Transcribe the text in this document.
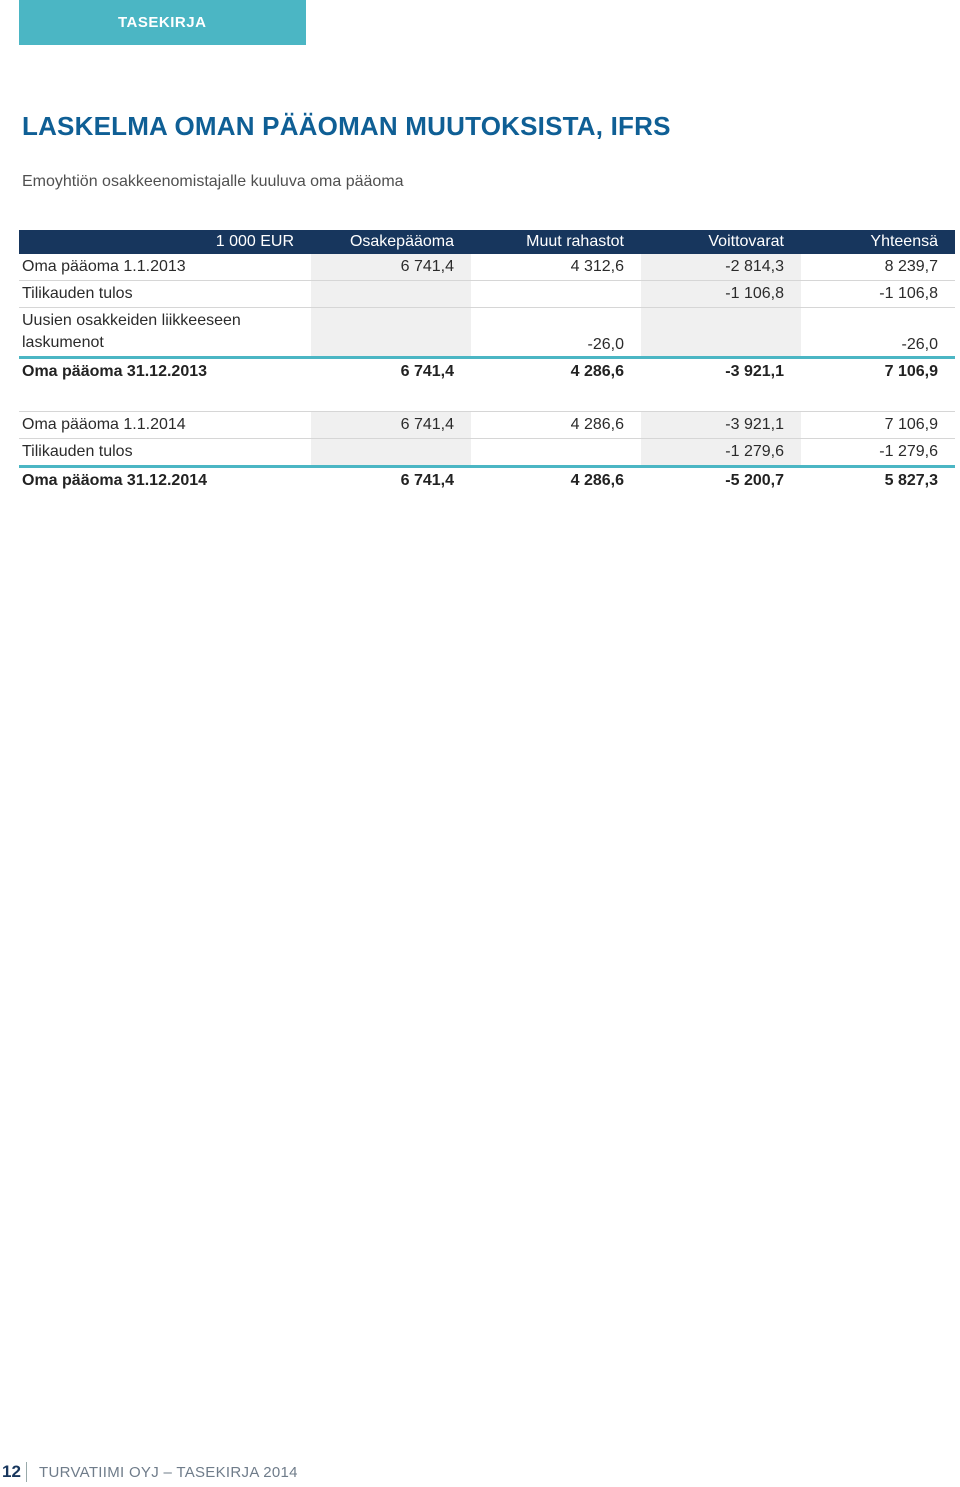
TASEKIRJA
LASKELMA OMAN PÄÄOMAN MUUTOKSISTA, IFRS
Emoyhtiön osakkeenomistajalle kuuluva oma pääoma
1 000 EUR	Osakepääoma	Muut rahastot	Voittovarat	Yhteensä
Oma pääoma 1.1.2013	6 741,4	4 312,6	-2 814,3	8 239,7
Tilikauden tulos			-1 106,8	-1 106,8
Uusien osakkeiden liikkeeseen laskumenot		-26,0		-26,0
Oma pääoma 31.12.2013	6 741,4	4 286,6	-3 921,1	7 106,9

Oma pääoma 1.1.2014	6 741,4	4 286,6	-3 921,1	7 106,9
Tilikauden tulos			-1 279,6	-1 279,6
Oma pääoma 31.12.2014	6 741,4	4 286,6	-5 200,7	5 827,3
12	TURVATIIMI OYJ – TASEKIRJA 2014
